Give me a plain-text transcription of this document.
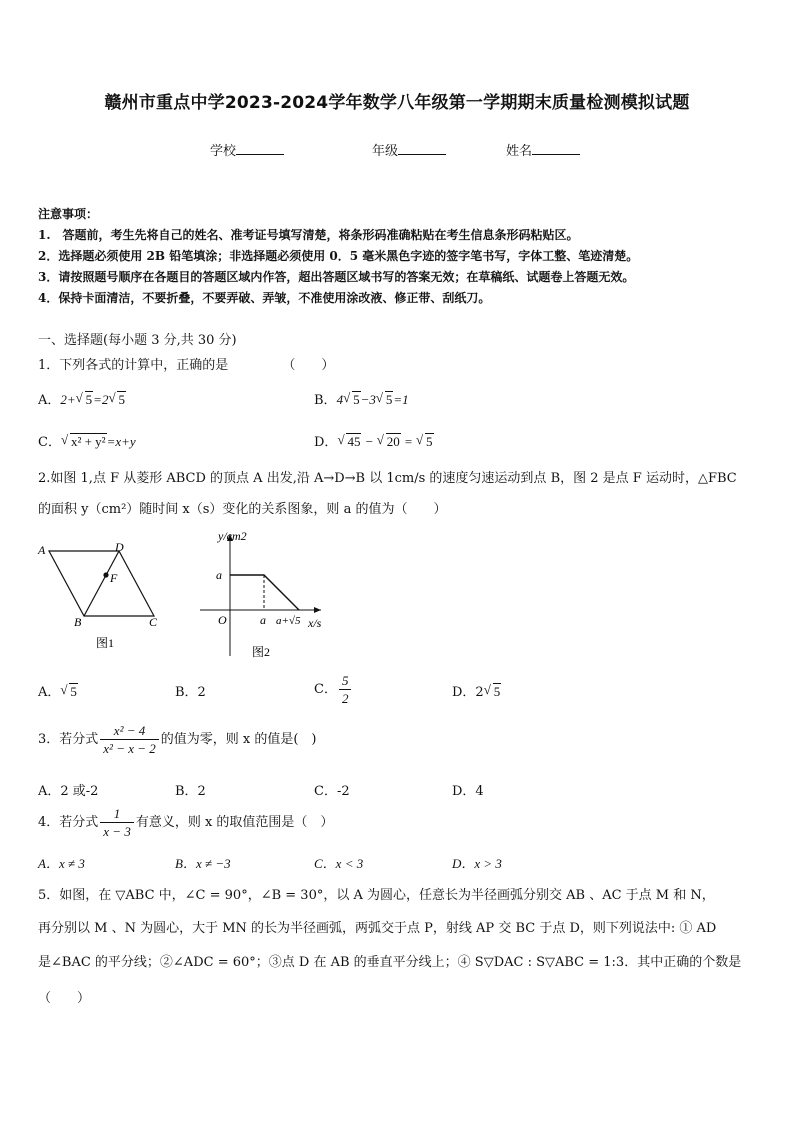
赣州市重点中学2023-2024学年数学八年级第一学期期末质量检测模拟试题
学校	年级	姓名
注意事项：
1.　答题前，考生先将自己的姓名、准考证号填写清楚，将条形码准确粘贴在考生信息条形码粘贴区。
2．选择题必须使用 2B 铅笔填涂；非选择题必须使用 0．5 毫米黑色字迹的签字笔书写，字体工整、笔迹清楚。
3．请按照题号顺序在各题目的答题区域内作答，超出答题区域书写的答案无效；在草稿纸、试题卷上答题无效。
4．保持卡面清洁，不要折叠，不要弄破、弄皱，不准使用涂改液、修正带、刮纸刀。
一、选择题(每小题 3 分,共 30 分)
1．下列各式的计算中，正确的是	（　　）
A．2+ √ 5=2 √ 5	B．4 √ 5−3 √ 5=1
C． √ x² + y²=x+y	D． √ 45 − √ 20 = √ 5
2.如图 1,点 F 从菱形 ABCD 的顶点 A 出发,沿 A→D→B 以 1cm/s 的速度匀速运动到点 B，图 2 是点 F 运动时，△FBC
的面积 y（cm²）随时间 x（s）变化的关系图象，则 a 的值为（　　）
A	D
F
B	C
图1
y/cm2
a
O	a a+√5 x/s
图2
A． √ 5	B．2	C． $\frac{5}{2}$	D．2 √ 5
3．若分式 $\frac{\text{x² − 4}}{\text{x² − x − 2}}$ 的值为零，则 x 的值是(　)
A．2 或-2	B．2	C．-2	D．4
4．若分式 $\frac{1}{x - 3}$ 有意义，则 x 的取值范围是（　）
A．x ≠ 3	B．x ≠ −3	C．x < 3	D．x > 3
5．如图，在 ▽ABC 中，∠C = 90°，∠B = 30°，以 A 为圆心，任意长为半径画弧分别交 AB 、AC 于点 M 和 N，
再分别以 M 、N 为圆心，大于 MN 的长为半径画弧，两弧交于点 P，射线 AP 交 BC 于点 D，则下列说法中: ① AD
是∠BAC 的平分线；②∠ADC = 60°；③点 D 在 AB 的垂直平分线上；④ S▽DAC : S▽ABC = 1:3．其中正确的个数是
（　　）
